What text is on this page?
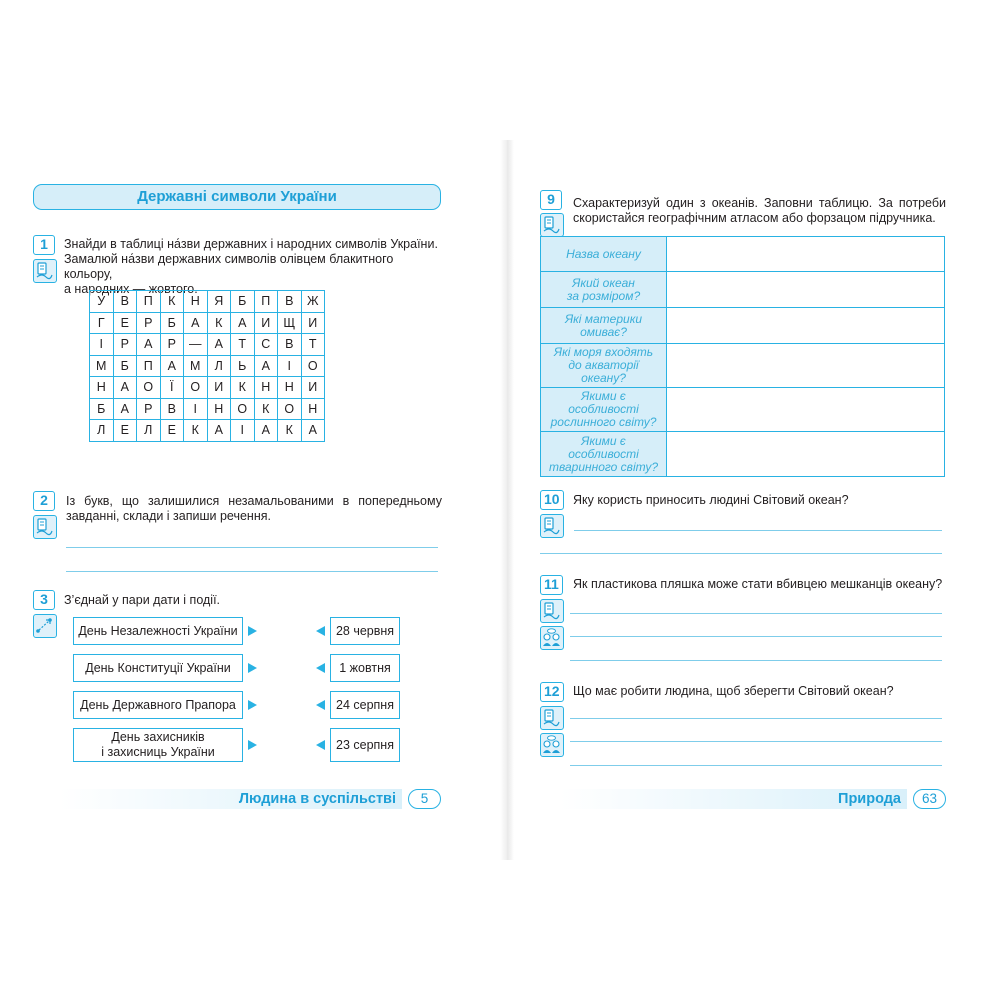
Державні символи України
1	Знайди в таблиці на́зви державних і народних символів України.
Замалюй на́зви державних символів олівцем блакитного кольору,
а народних — жовтого.
У	В	П	К	Н	Я	Б	П	В	Ж
Г	Е	Р	Б	А	К	А	И	Щ	И
І	Р	А	Р	—	А	Т	С	В	Т
М	Б	П	А	М	Л	Ь	А	І	О
Н	А	О	Ї	О	И	К	Н	Н	И
Б	А	Р	В	І	Н	О	К	О	Н
Л	Е	Л	Е	К	А	І	А	К	А
2	Із букв, що залишилися незамальованими в попередньому завданні, склади і запиши речення.
3	З’єднай у пари дати і події.
День Незалежності України
День Конституції України
День Державного Прапора
День захисників
і захисниць України
28 червня
1 жовтня
24 серпня
23 серпня
Людина в суспільстві	5
9	Схарактеризуй один з океанів. Заповни таблицю. За потреби скористайся географічним атласом або форзацом підручника.
Назва океану	
Який океан
за розміром?	
Які материки
омиває?	
Які моря входять
до акваторії
океану?	
Якими є
особливості
рослинного світу?	
Якими є
особливості
тваринного світу?	
10	Яку користь приносить людині Світовий океан?
11	Як пластикова пляшка може стати вбивцею мешканців океану?
12	Що має робити людина, щоб зберегти Світовий океан?
Природа	63
